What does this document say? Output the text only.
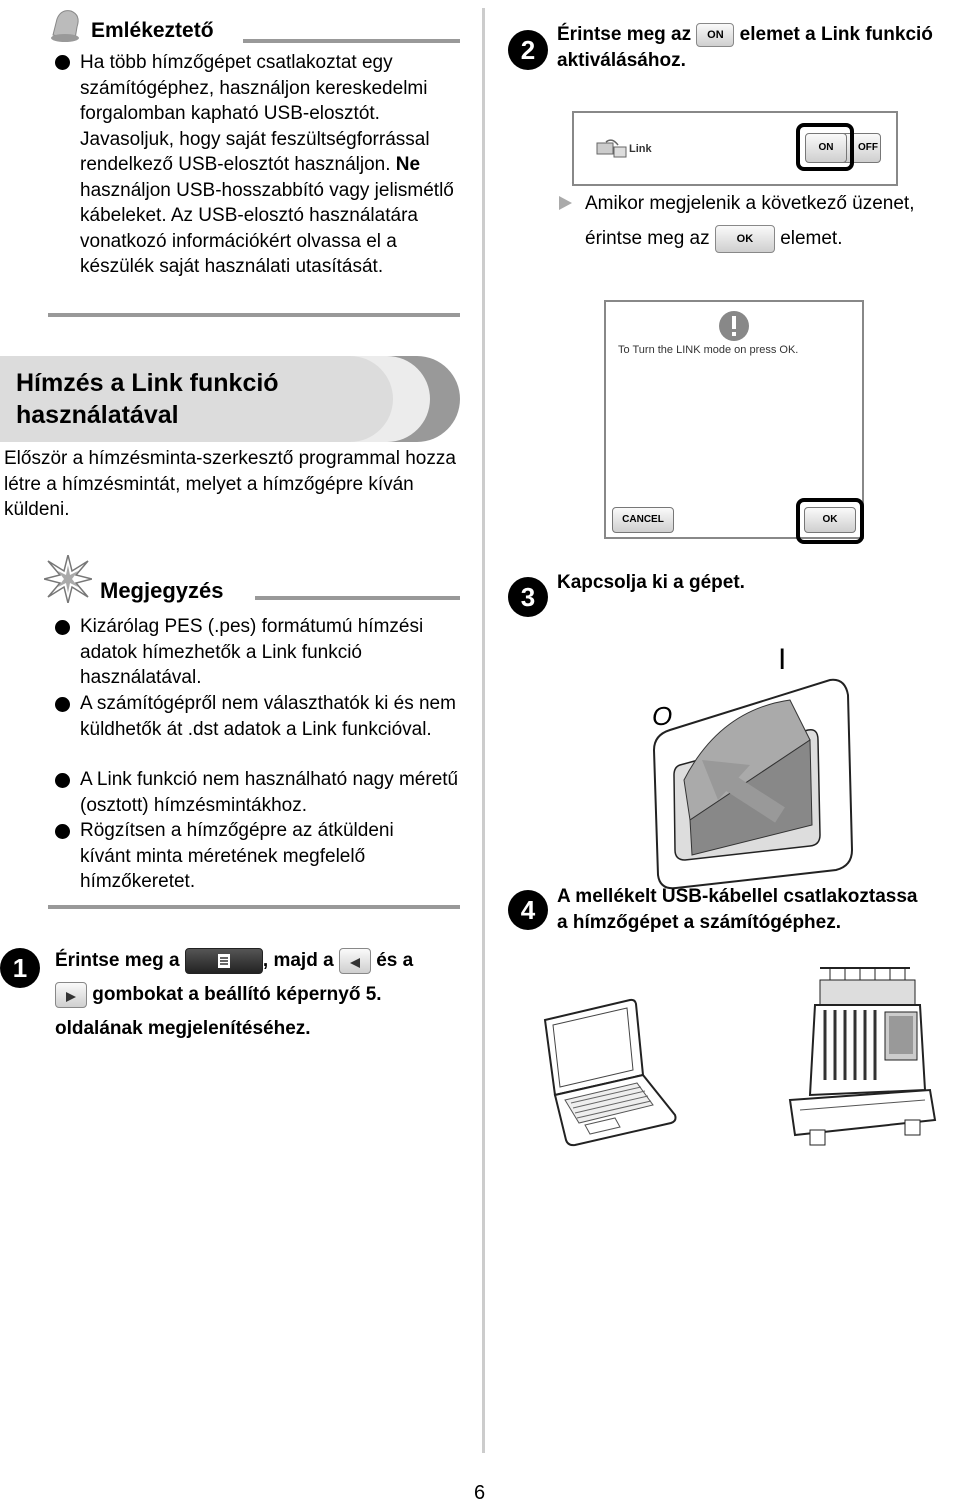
Emlékeztető
Ha több hímzőgépet csatlakoztat egy számítógéphez, használjon kereskedelmi forgalomban kapható USB-elosztót. Javasoljuk, hogy saját feszültségforrással rendelkező USB-elosztót használjon. Ne használjon USB-hosszabbító vagy jelismétlő kábeleket. Az USB-elosztó használatára vonatkozó információkért olvassa el a készülék saját használati utasítását.
Hímzés a Link funkció
használatával
Először a hímzésminta-szerkesztő programmal hozza létre a hímzésmintát, melyet a hímzőgépre kíván küldeni.
Megjegyzés
Kizárólag PES (.pes) formátumú hímzési adatok hímezhetők a Link funkció használatával.
A számítógépről nem választhatók ki és nem küldhetők át .dst adatok a Link funkcióval.
A Link funkció nem használható nagy méretű (osztott) hímzésmintákhoz.
Rögzítsen a hímzőgépre az átküldeni kívánt minta méretének megfelelő hímzőkeretet.
1	Érintse meg a	, majd a és a
gombokat a beállító képernyő 5.
oldalának megjelenítéséhez.
2
Érintse meg az ON elemet a Link funkció
aktiválásához.
Link	OFF
ON
Amikor megjelenik a következő üzenet,
érintse meg az OK elemet.
To Turn the LINK mode on press OK.
CANCEL	OK
3	Kapcsolja ki a gépet.
I
O
4	A mellékelt USB-kábellel csatlakoztassa
a hímzőgépet a számítógéphez.
6
